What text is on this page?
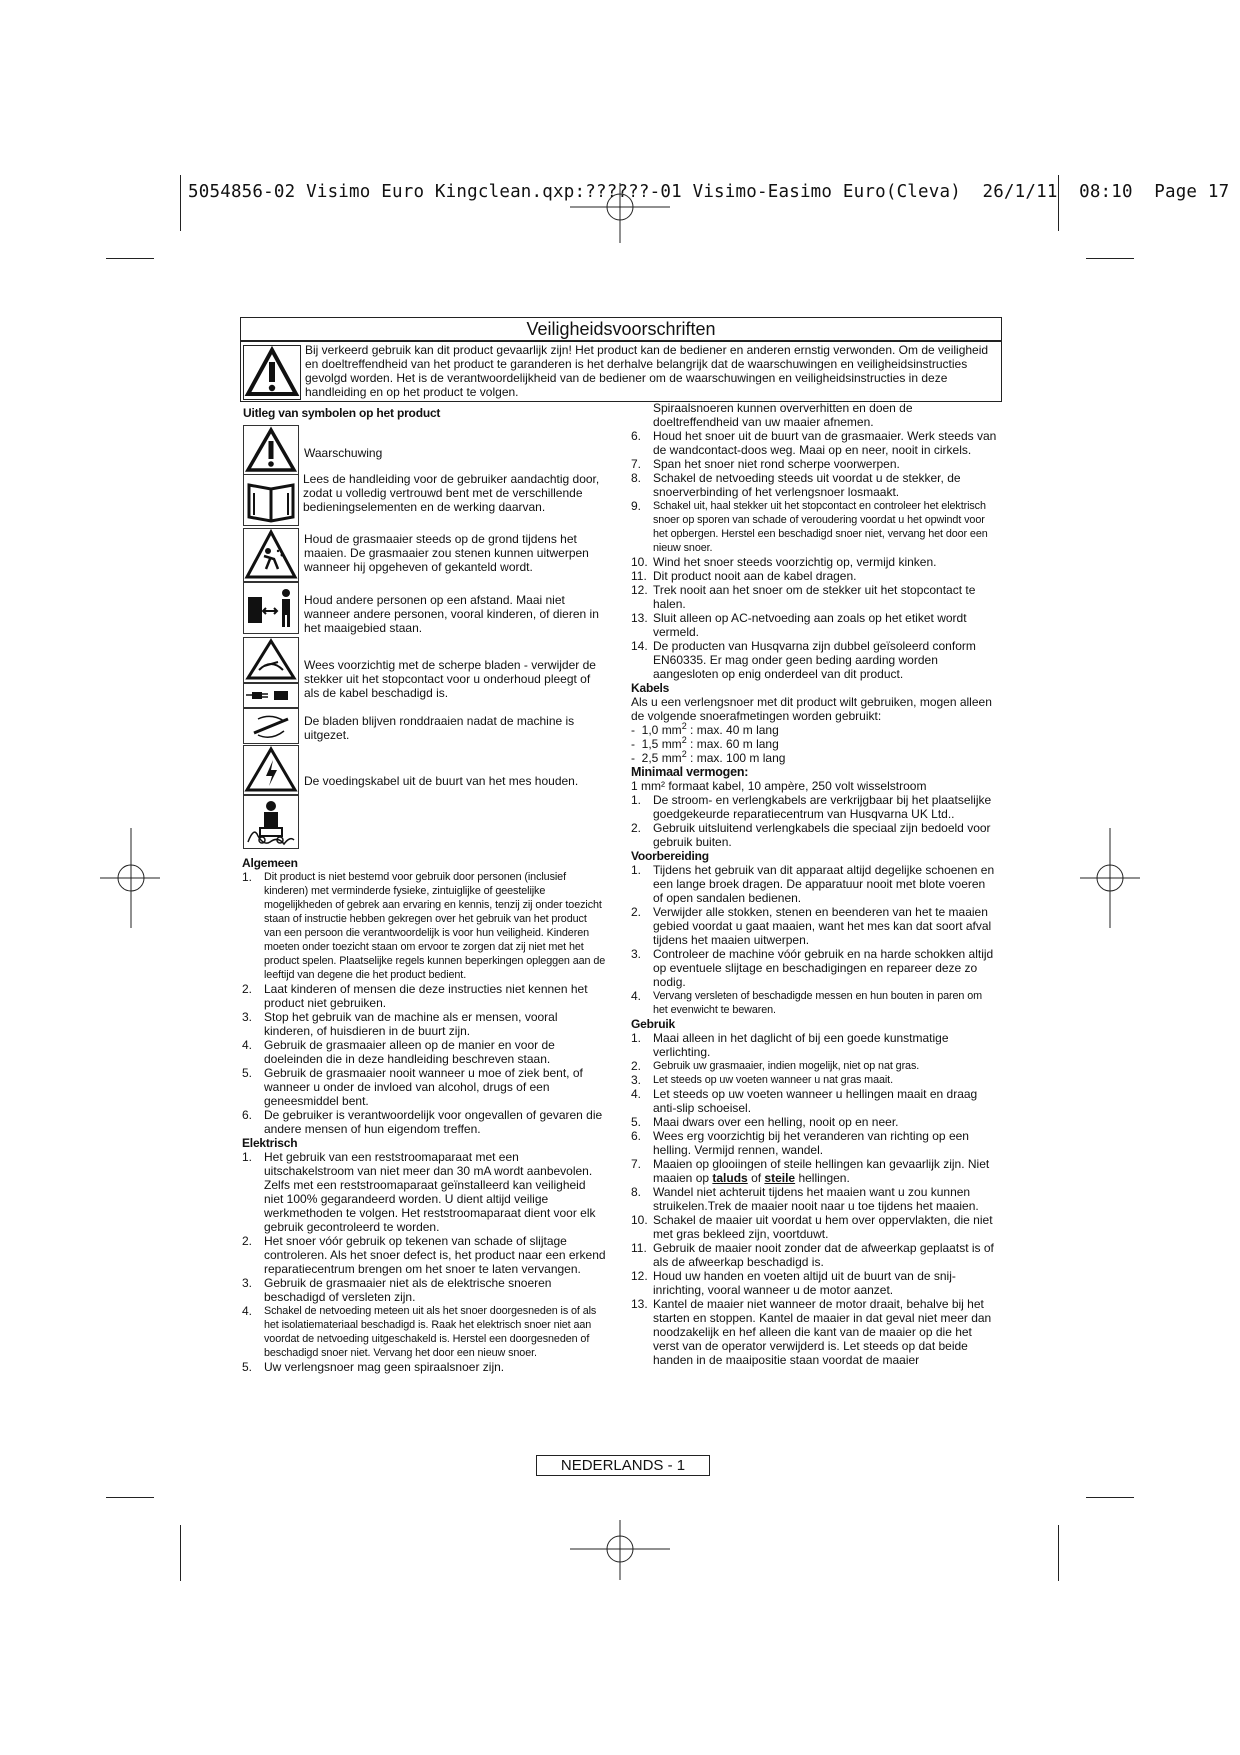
5054856-02 Visimo Euro Kingclean.qxp:??????-01 Visimo-Easimo Euro(Cleva)  26/1/11  08:10  Page 17
Veiligheidsvoorschriften
Bij verkeerd gebruik kan dit product gevaarlijk zijn! Het product kan de bediener en anderen ernstig verwonden. Om de veiligheid en doeltreffendheid van het product te garanderen is het derhalve belangrijk dat de waarschuwingen en veiligheidsinstructies gevolgd worden. Het is de verantwoordelijkheid van de bediener om de waarschuwingen en veiligheidsinstructies in deze handleiding en op het product te volgen.
Uitleg van symbolen op het product
Waarschuwing
Lees de handleiding voor de gebruiker aandachtig door, zodat u volledig vertrouwd bent met de verschillende bedieningselementen en de werking daarvan.
Houd de grasmaaier steeds op de grond tijdens het maaien. De grasmaaier zou stenen kunnen uitwerpen wanneer hij opgeheven of gekanteld wordt.
Houd andere personen op een afstand. Maai niet wanneer andere personen, vooral kinderen, of dieren in het maaigebied staan.
Wees voorzichtig met de scherpe bladen - verwijder de stekker uit het stopcontact voor u onderhoud pleegt of als de kabel beschadigd is.
De bladen blijven ronddraaien nadat de machine is uitgezet.
De voedingskabel uit de buurt van het mes houden.

Algemeen

1.	Dit product is niet bestemd voor gebruik door personen (inclusief kinderen) met verminderde fysieke, zintuiglijke of geestelijke mogelijkheden of gebrek aan ervaring en kennis, tenzij zij onder toezicht staan of instructie hebben gekregen over het gebruik van het product van een persoon die verantwoordelijk is voor hun veiligheid. Kinderen moeten onder toezicht staan om ervoor te zorgen dat zij niet met het product spelen. Plaatselijke regels kunnen beperkingen opleggen aan de leeftijd van degene die het product bedient.
2. Laat kinderen of mensen die deze instructies niet kennen het product niet gebruiken.
3. Stop het gebruik van de machine als er mensen, vooral kinderen, of huisdieren in de buurt zijn.
4. Gebruik de grasmaaier alleen op de manier en voor de doeleinden die in deze handleiding beschreven staan.
5. Gebruik de grasmaaier nooit wanneer u moe of ziek bent, of wanneer u onder de invloed van alcohol, drugs of een geneesmiddel bent.
6. De gebruiker is verantwoordelijk voor ongevallen of gevaren die andere mensen of hun eigendom treffen.

Elektrisch

1. Het gebruik van een reststroomaparaat met een uitschakelstroom van niet meer dan 30 mA wordt aanbevolen. Zelfs met een reststroomaparaat geïnstalleerd kan veiligheid niet 100% gegarandeerd worden. U dient altijd veilige werkmethoden te volgen. Het reststroomaparaat dient voor elk gebruik gecontroleerd te worden.
2. Het snoer vóór gebruik op tekenen van schade of slijtage controleren. Als het snoer defect is, het product naar een erkend reparatiecentrum brengen om het snoer te laten vervangen.
3. Gebruik de grasmaaier niet als de elektrische snoeren beschadigd of versleten zijn.
4.	Schakel de netvoeding meteen uit als het snoer doorgesneden is of als het isolatiemateriaal beschadigd is. Raak het elektrisch snoer niet aan voordat de netvoeding uitgeschakeld is. Herstel een doorgesneden of beschadigd snoer niet. Vervang het door een nieuw snoer.
5. Uw verlengsnoer mag geen spiraalsnoer zijn.

Spiraalsnoeren kunnen oververhitten en doen de doeltreffendheid van uw maaier afnemen.

6. Houd het snoer uit de buurt van de grasmaaier. Werk steeds van de wandcontact-doos weg. Maai op en neer, nooit in cirkels.
7. Span het snoer niet rond scherpe voorwerpen.
8. Schakel de netvoeding steeds uit voordat u de stekker, de snoerverbinding of het verlengsnoer losmaakt.
9.	Schakel uit, haal stekker uit het stopcontact en controleer het elektrisch snoer op sporen van schade of veroudering voordat u het opwindt voor het opbergen. Herstel een beschadigd snoer niet, vervang het door een nieuw snoer.
10. Wind het snoer steeds voorzichtig op, vermijd kinken.
11. Dit product nooit aan de kabel dragen.
12. Trek nooit aan het snoer om de stekker uit het stopcontact te halen.
13. Sluit alleen op AC-netvoeding aan zoals op het etiket wordt vermeld.
14. De producten van Husqvarna zijn dubbel geïsoleerd conform EN60335. Er mag onder geen beding aarding worden aangesloten op enig onderdeel van dit product.

Kabels

Als u een verlengsnoer met dit product wilt gebruiken, mogen alleen de volgende snoerafmetingen worden gebruikt:

-  1,0 $mm^2$ : max. 40 m lang

-  1,5 $mm^2$ : max. 60 m lang

-  2,5 $mm^2$ : max. 100 m lang

Minimaal vermogen:

1 mm² formaat kabel, 10 ampère, 250 volt wisselstroom

1. De stroom- en verlengkabels are verkrijgbaar bij het plaatselijke goedgekeurde reparatiecentrum van Husqvarna UK Ltd..
2. Gebruik uitsluitend verlengkabels die speciaal zijn bedoeld voor gebruik buiten.

Voorbereiding

1. Tijdens het gebruik van dit apparaat altijd degelijke schoenen en een lange broek dragen. De apparatuur nooit met blote voeren of open sandalen bedienen.
2. Verwijder alle stokken, stenen en beenderen van het te maaien gebied voordat u gaat maaien, want het mes kan dat soort afval tijdens het maaien uitwerpen.
3. Controleer de machine vóór gebruik en na harde schokken altijd op eventuele slijtage en beschadigingen en repareer deze zo nodig.
4.	Vervang versleten of beschadigde messen en hun bouten in paren om het evenwicht te bewaren.

Gebruik

1. Maai alleen in het daglicht of bij een goede kunstmatige verlichting.
2.	Gebruik uw grasmaaier, indien mogelijk, niet op nat gras.
3.	Let steeds op uw voeten wanneer u nat gras maait.
4. Let steeds op uw voeten wanneer u hellingen maait en draag anti-slip schoeisel.
5. Maai dwars over een helling, nooit op en neer.
6. Wees erg voorzichtig bij het veranderen van richting op een helling. Vermijd rennen, wandel.
7. Maaien op glooiingen of steile hellingen kan gevaarlijk zijn. Niet maaien op taluds of steile hellingen.
8. Wandel niet achteruit tijdens het maaien want u zou kunnen struikelen.Trek de maaier nooit naar u toe tijdens het maaien.
10. Schakel de maaier uit voordat u hem over oppervlakten, die niet met gras bekleed zijn, voortduwt.
11. Gebruik de maaier nooit zonder dat de afweerkap geplaatst is of als de afweerkap beschadigd is.
12. Houd uw handen en voeten altijd uit de buurt van de snij-inrichting, vooral wanneer u de motor aanzet.
13. Kantel de maaier niet wanneer de motor draait, behalve bij het starten en stoppen. Kantel de maaier in dat geval niet meer dan noodzakelijk en hef alleen die kant van de maaier op die het verst van de operator verwijderd is. Let steeds op dat beide handen in de maaipositie staan voordat de maaier
NEDERLANDS - 1
